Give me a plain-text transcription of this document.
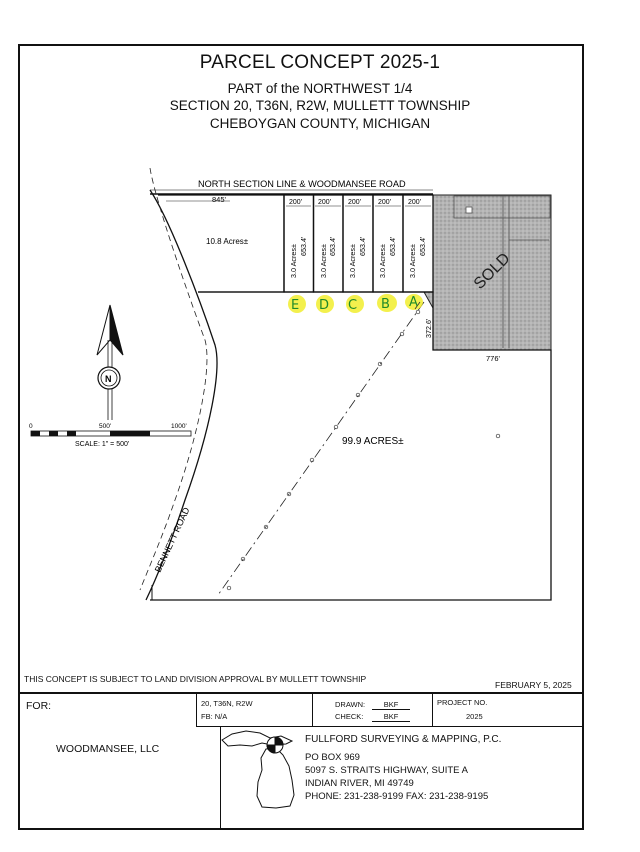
PARCEL CONCEPT 2025-1
PART of the NORTHWEST 1/4
SECTION 20, T36N, R2W, MULLETT TOWNSHIP
CHEBOYGAN COUNTY, MICHIGAN
SOLD
NORTH SECTION LINE & WOODMANSEE ROAD
845'
10.8 Acres±
200' 200' 200' 200' 200'
3.0 Acres±	3.0 Acres±	3.0 Acres±	3.0 Acres±	3.0 Acres±
653.4'	653.4'	653.4'	653.4'	653.4'
E D C B A
372.6'
776'
99.9 ACRES±
BENNETT ROAD
N
0	500'	1000'
SCALE: 1" = 500'
THIS CONCEPT IS SUBJECT TO LAND DIVISION APPROVAL BY MULLETT TOWNSHIP
FEBRUARY 5, 2025
FOR:
WOODMANSEE, LLC
20, T36N, R2W
FB: N/A
DRAWN:	BKF
CHECK:	BKF
PROJECT NO.
2025
FULLFORD SURVEYING & MAPPING, P.C.
PO BOX 969
5097 S. STRAITS HIGHWAY, SUITE A
INDIAN RIVER, MI 49749
PHONE: 231-238-9199 FAX: 231-238-9195
